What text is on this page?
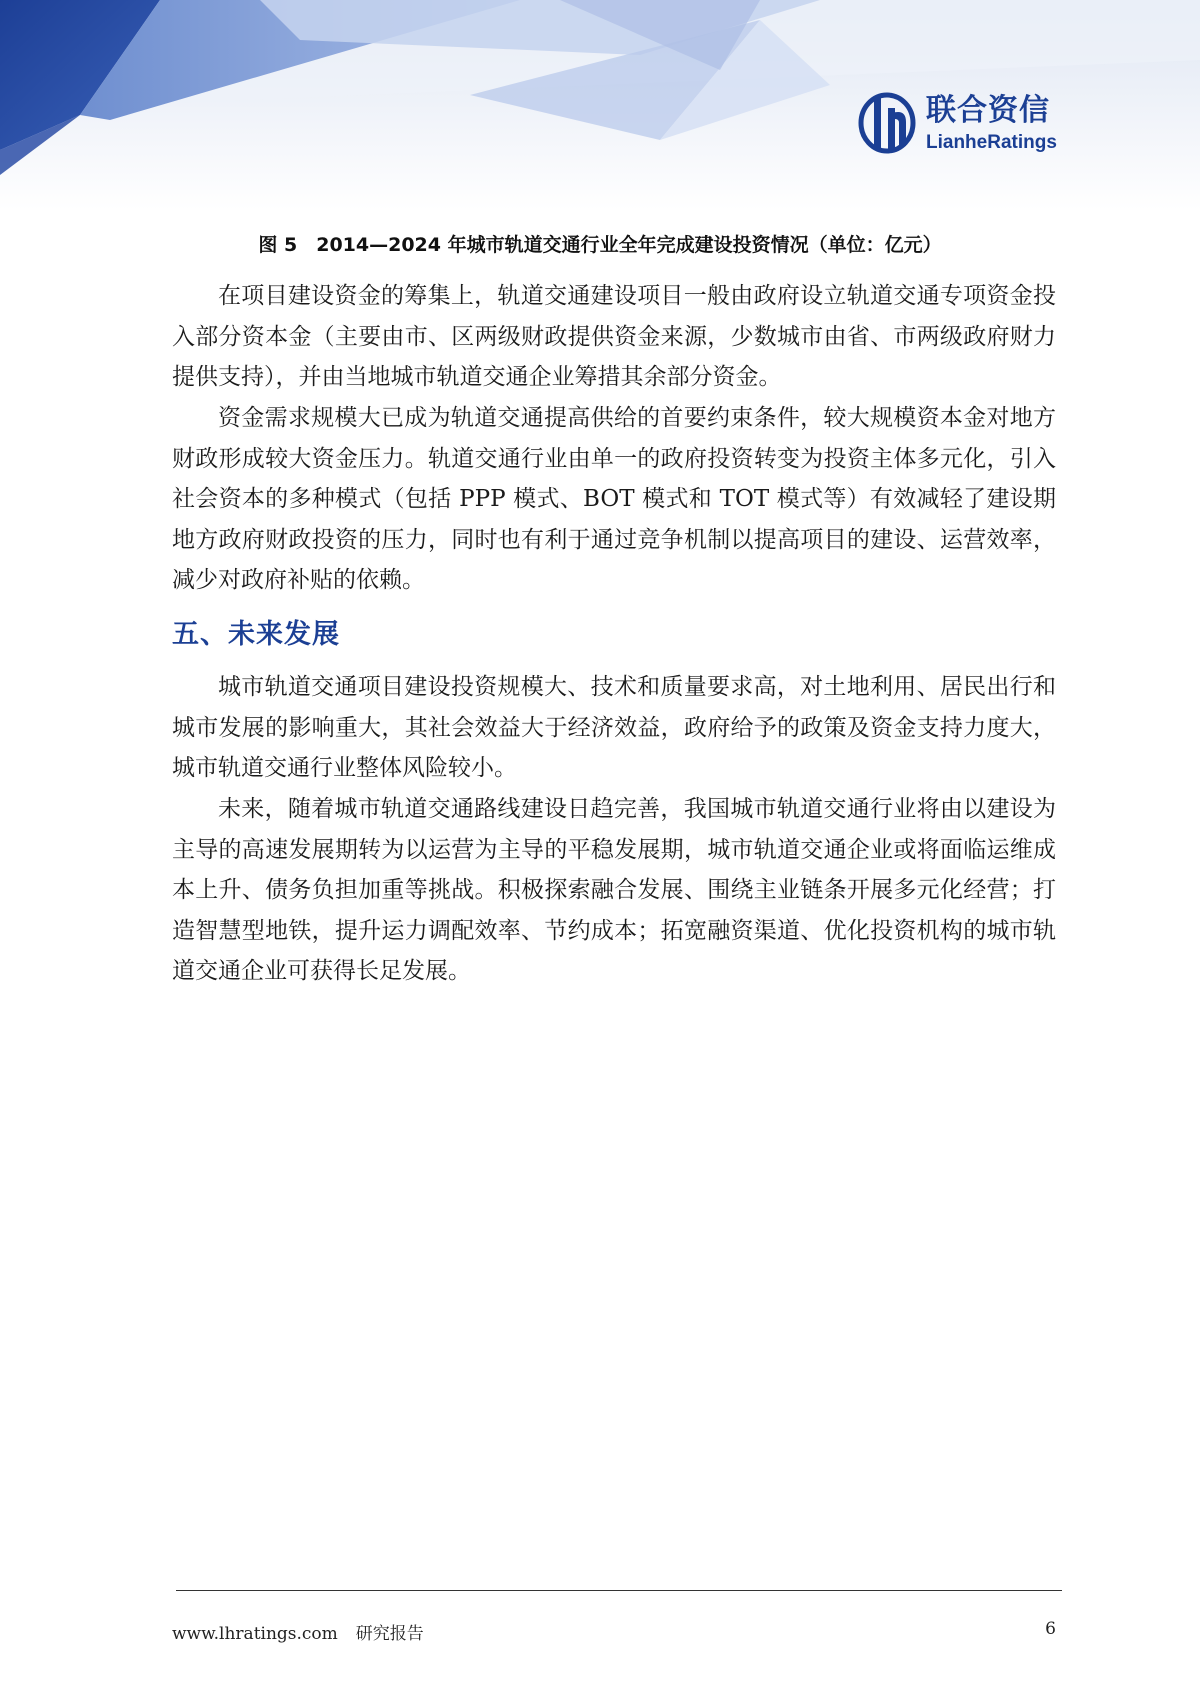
联合资信
LianheRatings
图 5　2014—2024 年城市轨道交通行业全年完成建设投资情况（单位：亿元）

在项目建设资金的筹集上，轨道交通建设项目一般由政府设立轨道交通专项资金投入部分资本金（主要由市、区两级财政提供资金来源，少数城市由省、市两级政府财力提供支持），并由当地城市轨道交通企业筹措其余部分资金。

资金需求规模大已成为轨道交通提高供给的首要约束条件，较大规模资本金对地方财政形成较大资金压力。轨道交通行业由单一的政府投资转变为投资主体多元化，引入社会资本的多种模式（包括 PPP 模式、BOT 模式和 TOT 模式等）有效减轻了建设期地方政府财政投资的压力，同时也有利于通过竞争机制以提高项目的建设、运营效率，减少对政府补贴的依赖。

五、未来发展

城市轨道交通项目建设投资规模大、技术和质量要求高，对土地利用、居民出行和城市发展的影响重大，其社会效益大于经济效益，政府给予的政策及资金支持力度大，城市轨道交通行业整体风险较小。

未来，随着城市轨道交通路线建设日趋完善，我国城市轨道交通行业将由以建设为主导的高速发展期转为以运营为主导的平稳发展期，城市轨道交通企业或将面临运维成本上升、债务负担加重等挑战。积极探索融合发展、围绕主业链条开展多元化经营；打造智慧型地铁，提升运力调配效率、节约成本；拓宽融资渠道、优化投资机构的城市轨道交通企业可获得长足发展。

www.lhratings.com 研究报告	6
